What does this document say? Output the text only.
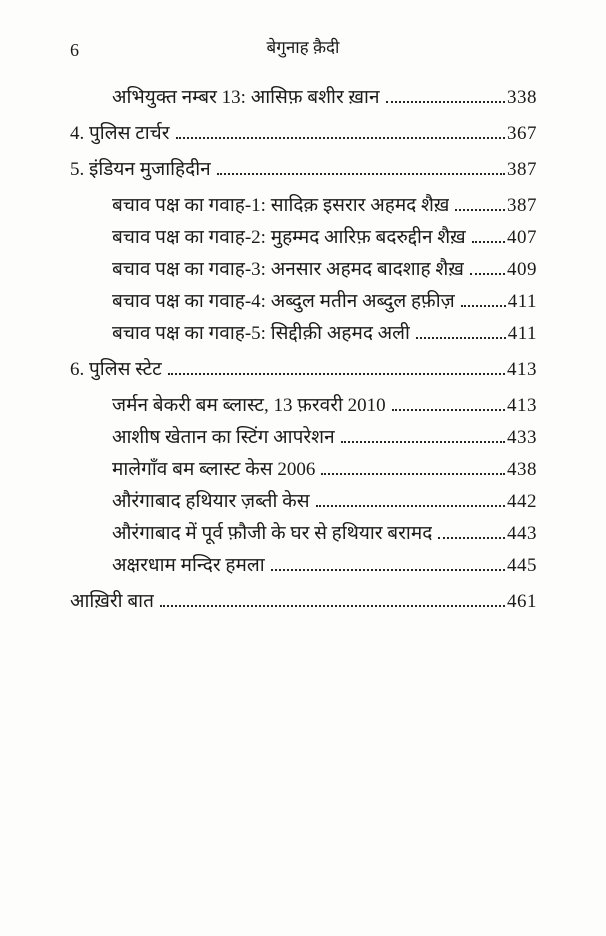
6	बेगुनाह क़ैदी
अभियुक्त नम्बर 13: आसिफ़ बशीर ख़ान	338
4. पुलिस टार्चर	367
5. इंडियन मुजाहिदीन	387
बचाव पक्ष का गवाह-1: सादिक़ इसरार अहमद शैख़	387
बचाव पक्ष का गवाह-2: मुहम्मद आरिफ़ बदरुद्दीन शैख़ 407
बचाव पक्ष का गवाह-3: अनसार अहमद बादशाह शैख़ 409
बचाव पक्ष का गवाह-4: अब्दुल मतीन अब्दुल हफ़ीज़	411
बचाव पक्ष का गवाह-5: सिद्दीक़ी अहमद अली	411
6. पुलिस स्टेट	413
जर्मन बेकरी बम ब्लास्ट, 13 फ़रवरी 2010	413
आशीष खेतान का स्टिंग आपरेशन	433
मालेगाँव बम ब्लास्ट केस 2006	438
औरंगाबाद हथियार ज़ब्ती केस	442
औरंगाबाद में पूर्व फ़ौजी के घर से हथियार बरामद	443
अक्षरधाम मन्दिर हमला	445
आख़िरी बात	461
